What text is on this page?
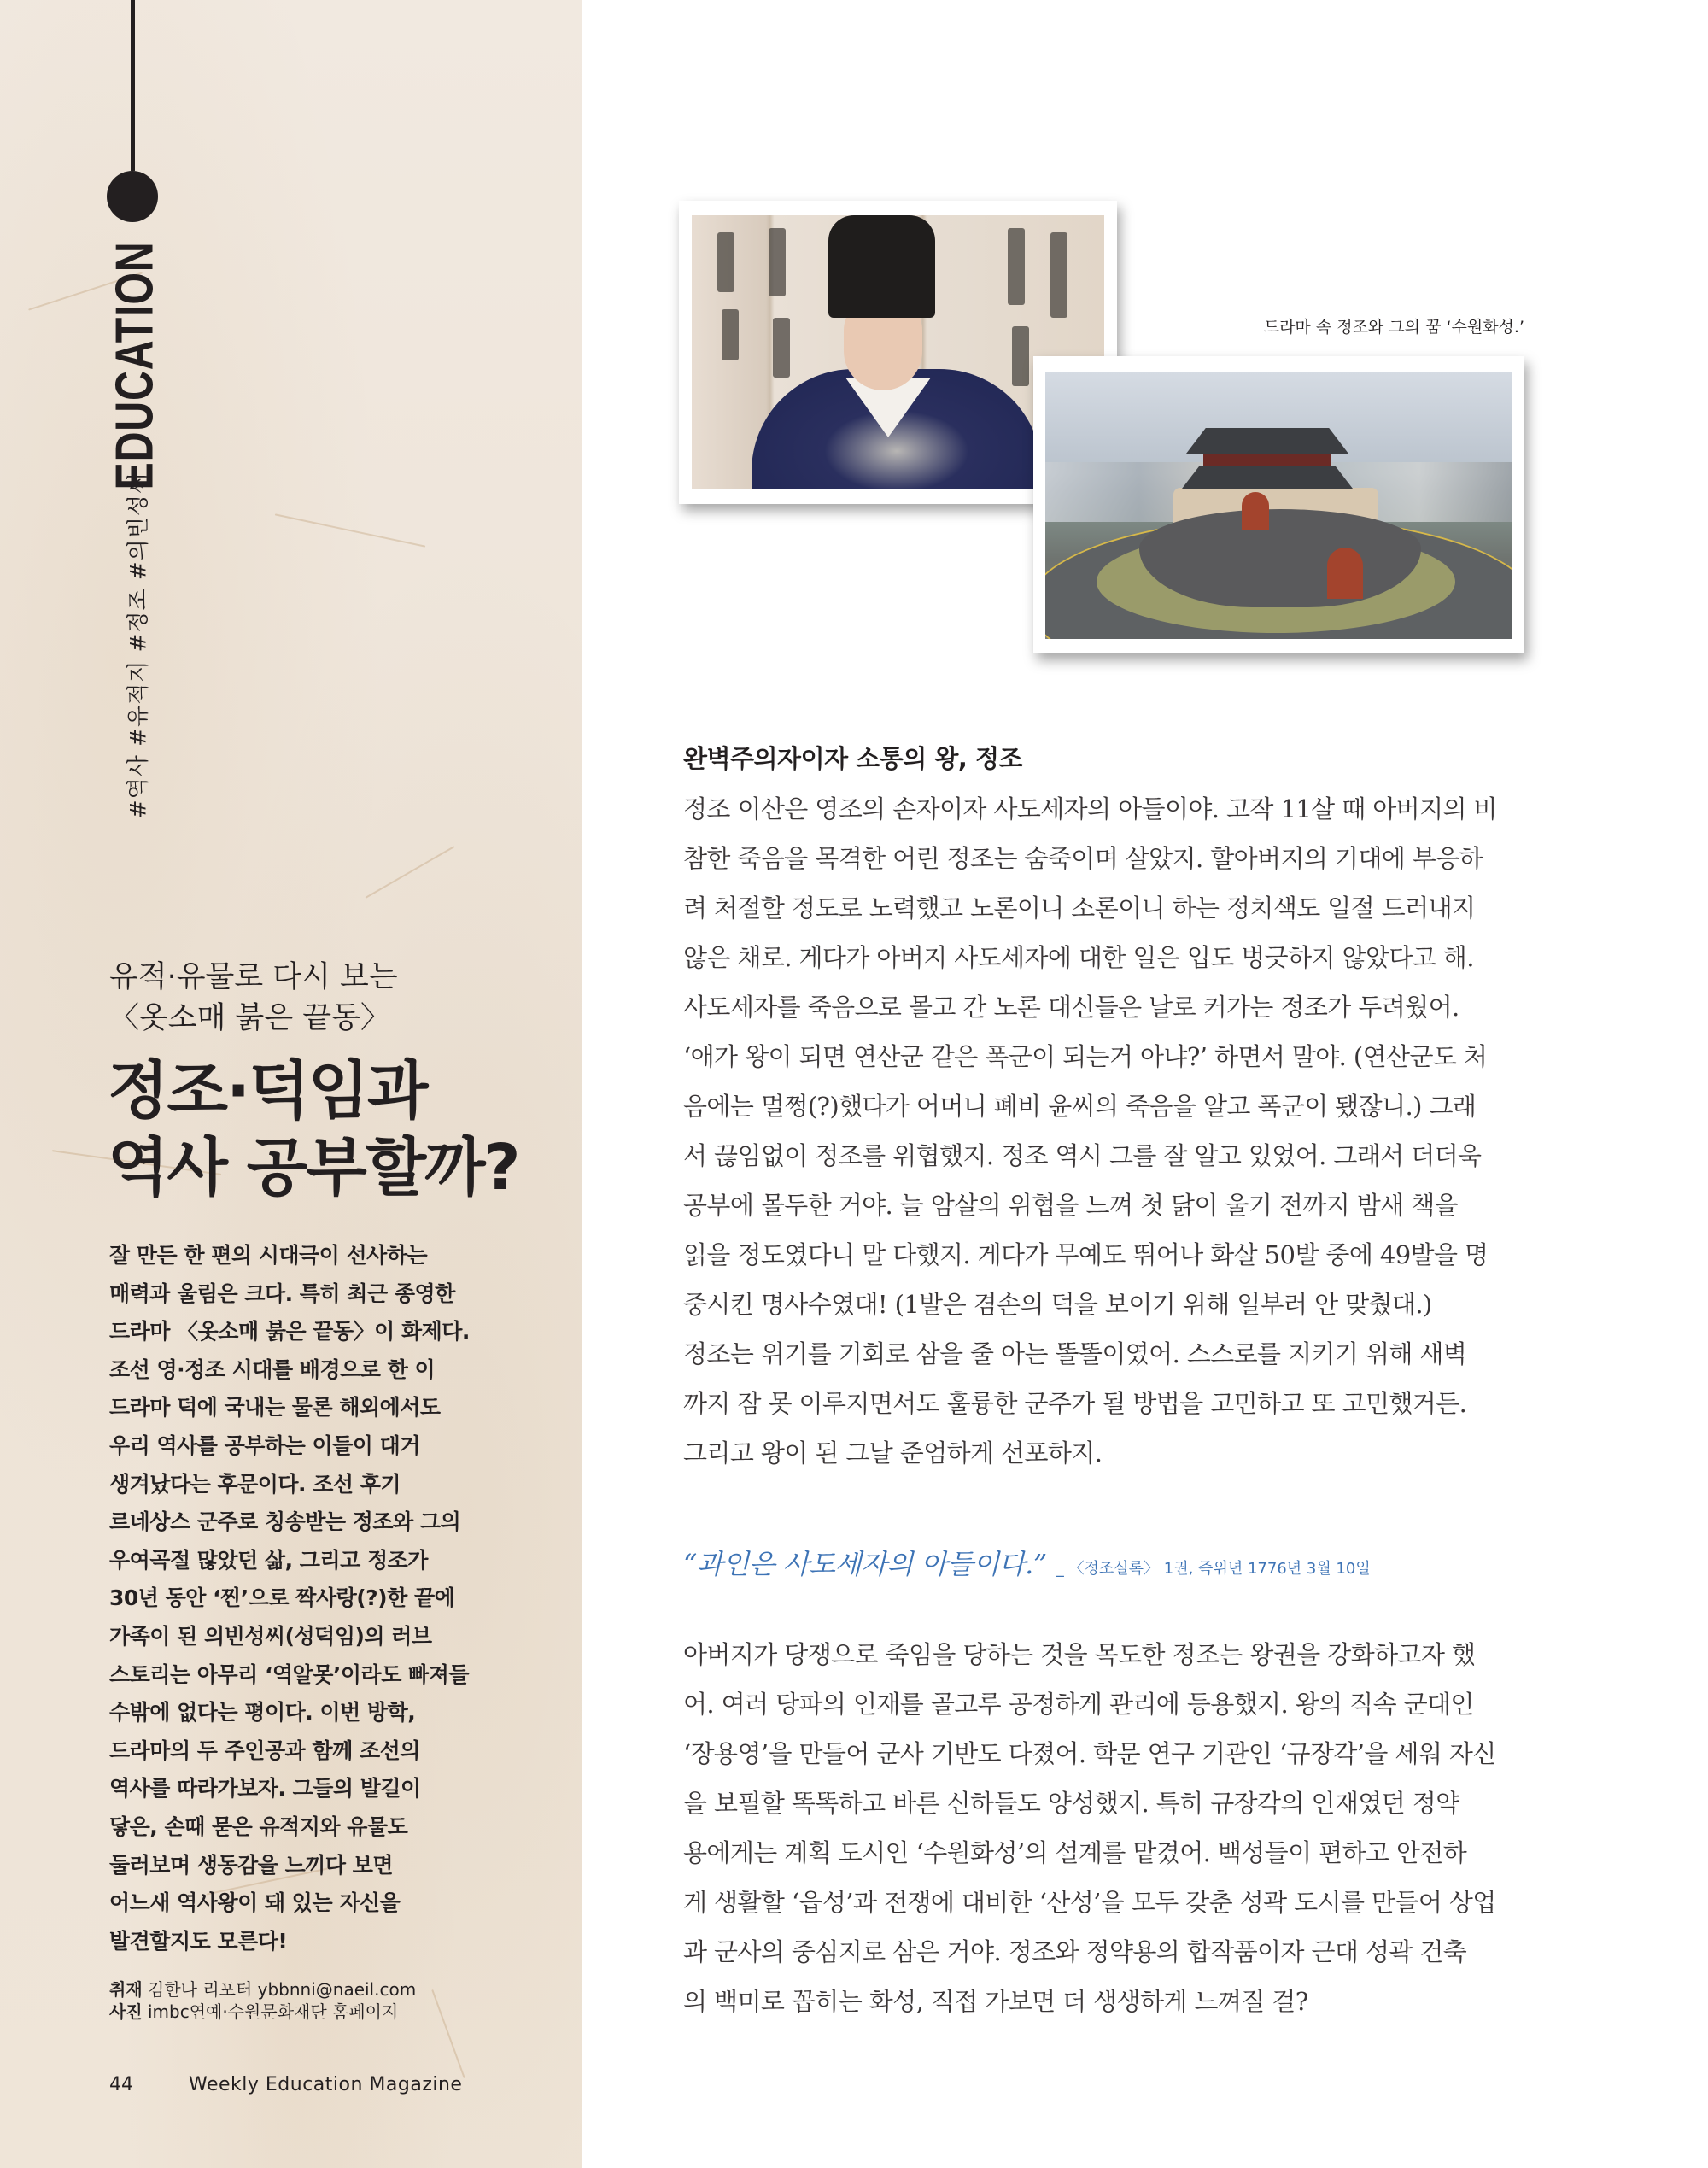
EDUCATION
#역사 #유적지 #정조 #의빈성씨
유적·유물로 다시 보는
〈옷소매 붉은 끝동〉
정조·덕임과
역사 공부할까?
잘 만든 한 편의 시대극이 선사하는
매력과 울림은 크다. 특히 최근 종영한
드라마 〈옷소매 붉은 끝동〉이 화제다.
조선 영·정조 시대를 배경으로 한 이
드라마 덕에 국내는 물론 해외에서도
우리 역사를 공부하는 이들이 대거
생겨났다는 후문이다. 조선 후기
르네상스 군주로 칭송받는 정조와 그의
우여곡절 많았던 삶, 그리고 정조가
30년 동안 ‘찐’으로 짝사랑(?)한 끝에
가족이 된 의빈성씨(성덕임)의 러브
스토리는 아무리 ‘역알못’이라도 빠져들
수밖에 없다는 평이다. 이번 방학,
드라마의 두 주인공과 함께 조선의
역사를 따라가보자. 그들의 발길이
닿은, 손때 묻은 유적지와 유물도
둘러보며 생동감을 느끼다 보면
어느새 역사왕이 돼 있는 자신을
발견할지도 모른다!
취재 김한나 리포터 ybbnni@naeil.com
사진 imbc연예·수원문화재단 홈페이지
44	Weekly Education Magazine
드라마 속 정조와 그의 꿈 ‘수원화성.’
완벽주의자이자 소통의 왕, 정조
정조 이산은 영조의 손자이자 사도세자의 아들이야. 고작 11살 때 아버지의 비
참한 죽음을 목격한 어린 정조는 숨죽이며 살았지. 할아버지의 기대에 부응하
려 처절할 정도로 노력했고 노론이니 소론이니 하는 정치색도 일절 드러내지
않은 채로. 게다가 아버지 사도세자에 대한 일은 입도 벙긋하지 않았다고 해.
사도세자를 죽음으로 몰고 간 노론 대신들은 날로 커가는 정조가 두려웠어.
‘애가 왕이 되면 연산군 같은 폭군이 되는거 아냐?’ 하면서 말야. (연산군도 처
음에는 멀쩡(?)했다가 어머니 폐비 윤씨의 죽음을 알고 폭군이 됐잖니.) 그래
서 끊임없이 정조를 위협했지. 정조 역시 그를 잘 알고 있었어. 그래서 더더욱
공부에 몰두한 거야. 늘 암살의 위협을 느껴 첫 닭이 울기 전까지 밤새 책을
읽을 정도였다니 말 다했지. 게다가 무예도 뛰어나 화살 50발 중에 49발을 명
중시킨 명사수였대! (1발은 겸손의 덕을 보이기 위해 일부러 안 맞췄대.)
정조는 위기를 기회로 삼을 줄 아는 똘똘이였어. 스스로를 지키기 위해 새벽
까지 잠 못 이루지면서도 훌륭한 군주가 될 방법을 고민하고 또 고민했거든.
그리고 왕이 된 그날 준엄하게 선포하지.
“과인은 사도세자의 아들이다.” _ 〈정조실록〉 1권, 즉위년 1776년 3월 10일
아버지가 당쟁으로 죽임을 당하는 것을 목도한 정조는 왕권을 강화하고자 했
어. 여러 당파의 인재를 골고루 공정하게 관리에 등용했지. 왕의 직속 군대인
‘장용영’을 만들어 군사 기반도 다졌어. 학문 연구 기관인 ‘규장각’을 세워 자신
을 보필할 똑똑하고 바른 신하들도 양성했지. 특히 규장각의 인재였던 정약
용에게는 계획 도시인 ‘수원화성’의 설계를 맡겼어. 백성들이 편하고 안전하
게 생활할 ‘읍성’과 전쟁에 대비한 ‘산성’을 모두 갖춘 성곽 도시를 만들어 상업
과 군사의 중심지로 삼은 거야. 정조와 정약용의 합작품이자 근대 성곽 건축
의 백미로 꼽히는 화성, 직접 가보면 더 생생하게 느껴질 걸?
